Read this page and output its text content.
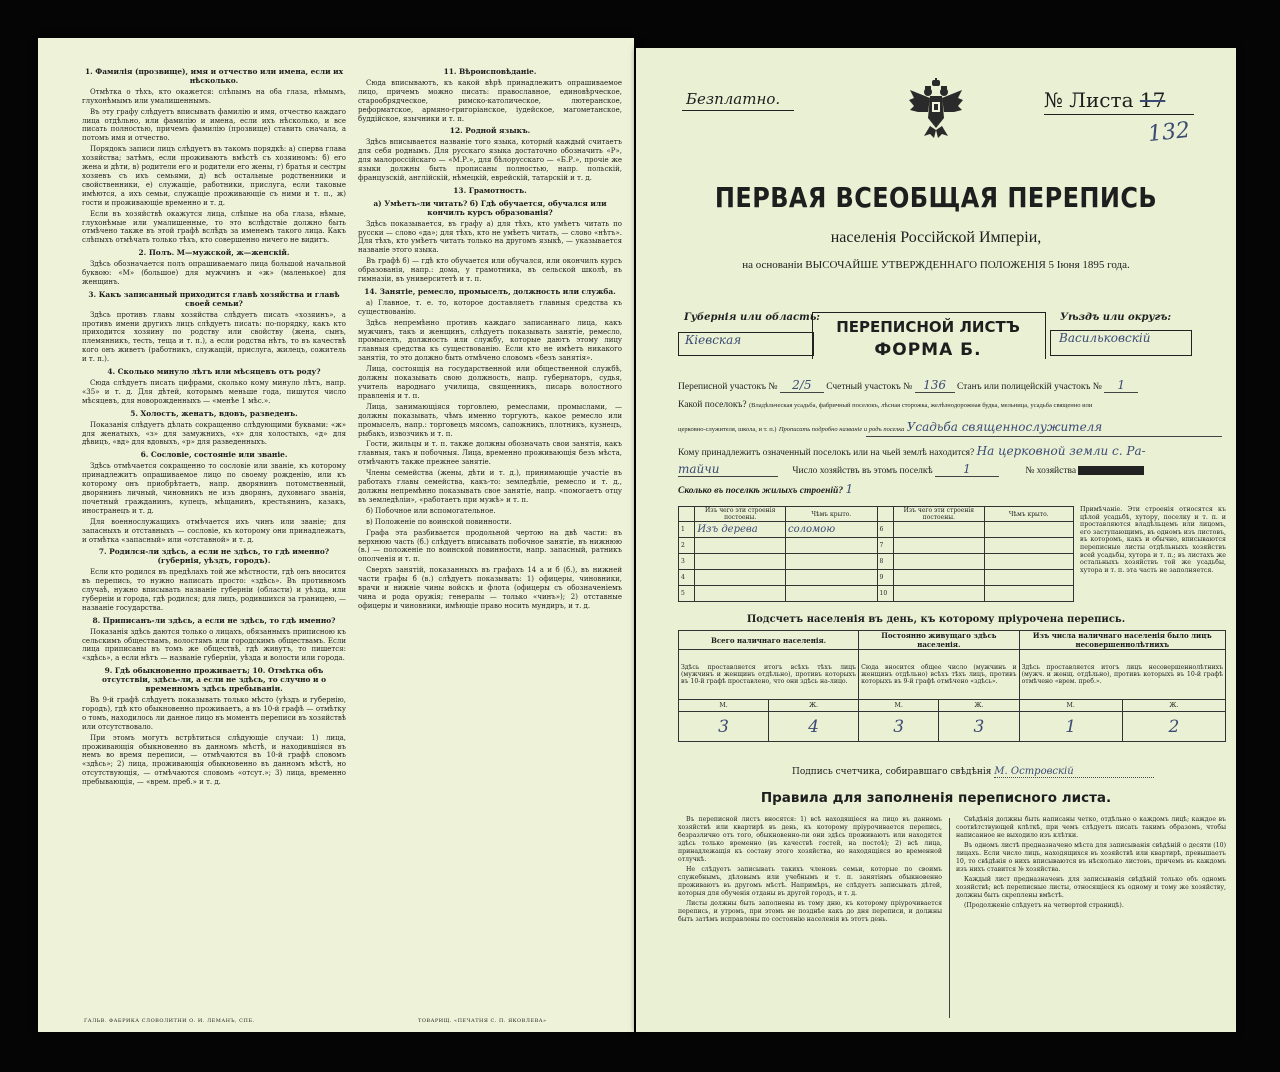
1. Фамилія (прозвище), имя и отчество или имена, если их нѣсколько.

Отмѣтка о тѣхъ, кто окажется: слѣпымъ на оба глаза, нѣмымъ, глухонѣмымъ или умалишеннымъ.

Въ эту графу слѣдуетъ вписывать фамилію и имя, отчество каждаго лица отдѣльно, или фамилію и имена, если ихъ нѣсколько, и все писать полностью, причемъ фамилію (прозвище) ставить сначала, а потомъ имя и отчество.

Порядокъ записи лицъ слѣдуетъ въ такомъ порядкѣ: а) сперва глава хозяйства; затѣмъ, если проживаютъ вмѣстѣ съ хозяиномъ: б) его жена и дѣти, в) родители его и родители его жены, г) братья и сестры хозяевъ съ ихъ семьями, д) всѣ остальные родственники и свойственники, е) служащіе, работники, прислуга, если таковые имѣются, а ихъ семьи, служащіе проживающіе съ ними и т. п., ж) гости и проживающіе временно и т. д.

Если въ хозяйствѣ окажутся лица, слѣпые на оба глаза, нѣмые, глухонѣмые или умалишенные, то это вслѣдствіе должно быть отмѣчено также въ этой графѣ вслѣдъ за именемъ такого лица. Какъ слѣпыхъ отмѣчать только тѣхъ, кто совершенно ничего не видитъ.

2. Полъ. М—мужской, ж—женскій.

Здѣсь обозначается полъ опрашиваемаго лица большой начальной буквою: «М» (большое) для мужчинъ и «ж» (маленькое) для женщинъ.

3. Какъ записанный приходится главѣ хозяйства и главѣ своей семьи?

Здѣсь противъ главы хозяйства слѣдуетъ писать «хозяинъ», а противъ имени другихъ лицъ слѣдуетъ писать: по-порядку, какъ кто приходится хозяину по родству или свойству (жена, сынъ, племянникъ, тесть, теща и т. п.), а если родства нѣтъ, то въ качествѣ кого онъ живетъ (работникъ, служащій, прислуга, жилецъ, сожитель и т. п.).

4. Сколько минуло лѣтъ или мѣсяцевъ отъ роду?

Сюда слѣдуетъ писать цифрами, сколько кому минуло лѣтъ, напр. «35» и т. д. Для дѣтей, которымъ меньше года, пишутся число мѣсяцевъ, для новорожденныхъ — «менѣе 1 мѣс.».

5. Холостъ, женатъ, вдовъ, разведенъ.

Показанія слѣдуетъ дѣлать сокращенно слѣдующими буквами: «ж» для женатыхъ, «з» для замужнихъ, «х» для холостыхъ, «д» для дѣвицъ, «вд» для вдовыхъ, «р» для разведенныхъ.

6. Сословіе, состояніе или званіе.

Здѣсь отмѣчается сокращенно то сословіе или званіе, къ которому принадлежитъ опрашиваемое лицо по своему рожденію, или къ которому онъ приобрѣтаетъ, напр. дворянинъ потомственный, дворянинъ личный, чиновникъ не изъ дворянъ, духовнаго званія, почетный гражданинъ, купецъ, мѣщанинъ, крестьянинъ, казакъ, иностранецъ и т. д.

Для военнослужащихъ отмѣчается ихъ чинъ или званіе; для запасныхъ и отставныхъ — сословіе, къ которому они принадлежатъ, и отмѣтка «запасный» или «отставной» и т. д.

7. Родился-ли здѣсь, а если не здѣсь, то гдѣ именно? (губернія, уѣздъ, городъ).

Если кто родился въ предѣлахъ той же мѣстности, гдѣ онъ вносится въ перепись, то нужно написать просто: «здѣсь». Въ противномъ случаѣ, нужно вписывать названіе губерніи (области) и уѣзда, или губерніи и города, гдѣ родился; для лицъ, родившихся за границею, — названіе государства.

8. Приписанъ-ли здѣсь, а если не здѣсь, то гдѣ именно?

Показанія здѣсь даются только о лицахъ, обязанныхъ приписною къ сельскимъ обществамъ, волостямъ или городскимъ обществамъ. Если лица приписаны въ томъ же обществѣ, гдѣ живутъ, то пишется: «здѣсь», а если нѣтъ — названіе губерніи, уѣзда и волости или города.

9. Гдѣ обыкновенно проживаетъ; 10. Отмѣтка объ отсутствіи, здѣсь-ли, а если не здѣсь, то случно и о временномъ здѣсь пребываніи.

Въ 9-й графѣ слѣдуетъ показывать только мѣсто (уѣздъ и губернію, городъ), гдѣ кто обыкновенно проживаетъ, а въ 10-й графѣ — отмѣтку о томъ, находилось ли данное лицо въ моментъ переписи въ хозяйствѣ или отсутствовало.

При этомъ могутъ встрѣтиться слѣдующіе случаи: 1) лица, проживающія обыкновенно въ данномъ мѣстѣ, и находившіяся въ немъ во время переписи, — отмѣчаются въ 10-й графѣ словомъ «здѣсь»; 2) лица, проживающія обыкновенно въ данномъ мѣстѣ, но отсутствующія, — отмѣчаются словомъ «отсут.»; 3) лица, временно пребывающія, — «врем. преб.» и т. д.

11. Вѣроисповѣданіе.

Сюда вписываютъ, къ какой вѣрѣ принадлежитъ опрашиваемое лицо, причемъ можно писать: православное, единовѣрческое, старообрядческое, римско-католическое, лютеранское, реформатское, армяно-григоріанское, іудейское, магометанское, буддійское, язычники и т. п.

12. Родной языкъ.

Здѣсь вписывается названіе того языка, который каждый считаетъ для себя роднымъ. Для русскаго языка достаточно обозначить «Р», для малороссійскаго — «М.Р.», для бѣлорусскаго — «Б.Р.», прочіе же языки должны быть прописаны полностью, напр. польскій, французскій, англійскій, нѣмецкій, еврейскій, татарскій и т. д.

13. Грамотность.
а) Умѣетъ-ли читать? б) Гдѣ обучается, обучался или кончилъ курсъ образованія?

Здѣсь показывается, въ графу а) для тѣхъ, кто умѣетъ читать по русски — слово «да»; для тѣхъ, кто не умѣетъ читать, — слово «нѣтъ». Для тѣхъ, кто умѣетъ читать только на другомъ языкѣ, — указывается названіе этого языка.

Въ графѣ б) — гдѣ кто обучается или обучался, или окончилъ курсъ образованія, напр.: дома, у грамотника, въ сельской школѣ, въ гимназіи, въ университетѣ и т. п.

14. Занятіе, ремесло, промыселъ, должность или служба.

а) Главное, т. е. то, которое доставляетъ главныя средства къ существованію.

Здѣсь непремѣнно противъ каждаго записаннаго лица, какъ мужчинъ, такъ и женщинъ, слѣдуетъ показывать занятіе, ремесло, промыселъ, должность или службу, которые даютъ этому лицу главныя средства къ существованію. Если кто не имѣетъ никакого занятія, то это должно быть отмѣчено словомъ «безъ занятія».

Лица, состоящія на государственной или общественной службѣ, должны показывать свою должность, напр. губернаторъ, судья, учитель народнаго училища, священникъ, писарь волостного правленія и т. п.

Лица, занимающіяся торговлею, ремеслами, промыслами, — должны показывать, чѣмъ именно торгуютъ, какое ремесло или промыселъ, напр.: торговецъ мясомъ, сапожникъ, плотникъ, кузнецъ, рыбакъ, извозчикъ и т. п.

Гости, жильцы и т. п. также должны обозначать свои занятія, какъ главныя, такъ и побочныя. Лица, временно проживающія безъ мѣста, отмѣчаютъ также прежнее занятіе.

Члены семейства (жены, дѣти и т. д.), принимающіе участіе въ работахъ главы семейства, какъ-то: земледѣліе, ремесло и т. д., должны непремѣнно показывать свое занятіе, напр. «помогаетъ отцу въ земледѣліи», «работаетъ при мужѣ» и т. п.

б) Побочное или вспомогательное.

в) Положеніе по воинской повинности.

Графа эта разбивается продольной чертою на двѣ части: въ верхнюю часть (б.) слѣдуетъ вписывать побочное занятіе, въ нижнюю (в.) — положеніе по воинской повинности, напр. запасный, ратникъ ополченія и т. п.

Сверхъ занятій, показанныхъ въ графахъ 14 а и б (б.), въ нижней части графы б (в.) слѣдуетъ показывать: 1) офицеры, чиновники, врачи и нижніе чины войскъ и флота (офицеры съ обозначеніемъ чина и рода оружія; генералы — только «чинъ»); 2) отставные офицеры и чиновники, имѣющіе право носить мундиръ, и т. д.

ГАЛЬВ. ФАБРИКА СЛОВОЛИТНИ О. И. ЛЕМАНЪ, СПБ.	ТОВАРИЩ. «ПЕЧАТНЯ С. П. ЯКОВЛЕВА»
Безплатно.	№ Листа 17
132
ПЕРВАЯ ВСЕОБЩАЯ ПЕРЕПИСЬ
населенія Россійской Имперіи,
на основаніи ВЫСОЧАЙШЕ УТВЕРЖДЕННАГО ПОЛОЖЕНІЯ 5 Іюня 1895 года.
Губернія или область:
Кіевская
ПЕРЕПИСНОЙ ЛИСТЪ
ФОРМА Б.
Уѣздъ или округъ:
Васильковскій
Переписной участокъ № 2/5 Счетный участокъ № 136 Станъ или полицейскій участокъ № 1
Какой поселокъ? (Владѣльческая усадьба, фабричный поселокъ, лѣсная сторожка, желѣзнодорожная будка, мельница, усадьба священно или
церковно-служителя, школа, и т. п.) Прописать подробно названіе и родъ поселка Усадьба священнослужителя
Кому принадлежитъ означенный поселокъ или на чьей землѣ находится? На церковной земли с. Ра-
тайчи	Число хозяйствъ въ этомъ поселкѣ	1	№ хозяйства
Сколько въ поселкѣ жилыхъ строеній? 1
	Изъ чего эти строенія постоены.	Чѣмъ крыто.		Изъ чего эти строенія постоены.	Чѣмъ крыто.
1	Изъ дерева	соломою	6		
2			7		
3			8		
4			9		
5			10		
Примѣчаніе. Эти строенія относятся къ цѣлой усадьбѣ, хутору, поселку и т. п. и проставляются владѣльцемъ или лицомъ, его заступающимъ, въ одномъ изъ листовъ, въ которомъ, какъ и обычно, вписываются переписные листы отдѣльныхъ хозяйствъ всей усадьбы, хутора и т. п.; въ листахъ же остальныхъ хозяйствъ той же усадьбы, хутора и т. п. эта часть не заполняется.
Подсчетъ населенія въ день, къ которому пріурочена перепись.
Всего наличнаго населенія.		Постоянно живущаго здѣсь населенія.		Изъ числа наличнаго населенія было лицъ несовершеннолѣтнихъ	
Здѣсь проставляется итогъ всѣхъ тѣхъ лицъ (мужчинъ и женщинъ отдѣльно), противъ которыхъ въ 10-й графѣ проставлено, что они здѣсь на-лицо.		Сюда вносится общее число (мужчинъ и женщинъ отдѣльно) всѣхъ тѣхъ лицъ, противъ которыхъ въ 9-й графѣ отмѣчено «здѣсь».		Здѣсь проставляется итогъ лицъ несовершеннолѣтнихъ (мужч. и женщ. отдѣльно), противъ которыхъ въ 10-й графѣ отмѣчено «врем. преб.».	
М.	Ж.	М.	Ж.	М.	Ж.
3	4	3	3	1	2
Подпись счетчика, собиравшаго свѣдѣнія М. Островскій
Правила для заполненія переписного листа.

Въ переписной листъ вносятся: 1) всѣ находящіеся на лицо въ данномъ хозяйствѣ или квартирѣ въ день, къ которому пріурочивается перепись, безразлично отъ того, обыкновенно-ли они здѣсь проживаютъ или находятся здѣсь только временно (въ качествѣ гостей, на постоѣ); 2) всѣ лица, принадлежащія къ составу этого хозяйства, но находящіяся во временной отлучкѣ.

Не слѣдуетъ записывать такихъ членовъ семьи, которые по своимъ служебнымъ, дѣловымъ или учебнымъ и т. п. занятіямъ обыкновенно проживаютъ въ другомъ мѣстѣ. Напримѣръ, не слѣдуетъ записывать дѣтей, которыя для обученія отданы въ другой городъ, и т. д.

Листы должны быть заполнены въ тому дню, къ которому пріурочивается перепись, и утромъ, при этомъ не позднѣе какъ до дня переписи, и должны быть затѣмъ исправлены по состоянію населенія въ этотъ день.

Свѣдѣнія должны быть написаны четко, отдѣльно о каждомъ лицѣ; каждое въ соотвѣтствующей клѣткѣ, при чемъ слѣдуетъ писать такимъ образомъ, чтобы написанное не выходило изъ клѣтки.

Въ одномъ листѣ предназначено мѣста для записыванія свѣдѣній о десяти (10) лицахъ. Если число лицъ, находящихся въ хозяйствѣ или квартирѣ, превышаетъ 10, то свѣдѣнія о нихъ вписываются въ нѣсколько листовъ, причемъ въ каждомъ изъ нихъ ставится № хозяйства.

Каждый лист предназначенъ для записыванія свѣдѣній только объ одномъ хозяйствѣ; всѣ переписные листы, относящіеся къ одному и тому же хозяйству, должны быть скреплены вмѣстѣ.

(Продолженіе слѣдуетъ на четвертой страницѣ).
